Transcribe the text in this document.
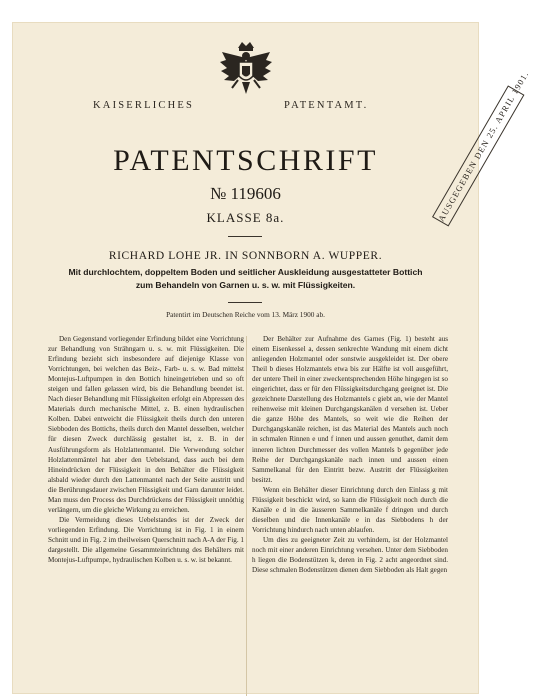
KAISERLICHES	PATENTAMT.	AUSGEGEBEN DEN 25. APRIL 1901.
PATENTSCHRIFT
№ 119606
KLASSE 8a.
RICHARD LOHE JR. IN SONNBORN A. WUPPER.
Mit durchlochtem, doppeltem Boden und seitlicher Auskleidung ausgestatteter Bottich
zum Behandeln von Garnen u. s. w. mit Flüssigkeiten.
Patentirt im Deutschen Reiche vom 13. März 1900 ab.

Den Gegenstand vorliegender Erfindung bildet eine Vorrichtung zur Behandlung von Strähngarn u. s. w. mit Flüssigkeiten. Die Erfindung bezieht sich insbesondere auf diejenige Klasse von Vorrichtungen, bei welchen das Beiz-, Farb- u. s. w. Bad mittelst Montejus-Luftpumpen in den Bottich hineingetrieben und so oft steigen und fallen gelassen wird, bis die Behandlung beendet ist. Nach dieser Behandlung mit Flüssigkeiten erfolgt ein Abpressen des Materials durch mechanische Mittel, z. B. einen hydraulischen Kolben. Dabei entweicht die Flüssigkeit theils durch den unteren Siebboden des Bottichs, theils durch den Mantel desselben, welcher für diesen Zweck durchlässig gestaltet ist, z. B. in der Ausführungsform als Holzlattenmantel. Die Verwendung solcher Holzlattenmäntel hat aber den Uebelstand, dass auch bei dem Hineindrücken der Flüssigkeit in den Behälter die Flüssigkeit alsbald wieder durch den Lattenmantel nach der Seite austritt und die Berührungsdauer zwischen Flüssigkeit und Garn darunter leidet. Man muss den Process des Durchdrückens der Flüssigkeit unnöthig verlängern, um die gleiche Wirkung zu erreichen.

Die Vermeidung dieses Uebelstandes ist der Zweck der vorliegenden Erfindung. Die Vorrichtung ist in Fig. 1 in einem Schnitt und in Fig. 2 im theilweisen Querschnitt nach A-A der Fig. 1 dargestellt. Die allgemeine Gesammteinrichtung des Behälters mit Montejus-Luftpumpe, hydraulischen Kolben u. s. w. ist bekannt.

Der Behälter zur Aufnahme des Garnes (Fig. 1) besteht aus einem Eisenkessel a, dessen senkrechte Wandung mit einem dicht anliegenden Holzmantel oder sonstwie ausgekleidet ist. Der obere Theil b dieses Holzmantels etwa bis zur Hälfte ist voll ausgeführt, der untere Theil in einer zweckentsprechenden Höhe hingegen ist so eingerichtet, dass er für den Flüssigkeitsdurchgang geeignet ist. Die gezeichnete Darstellung des Holzmantels c giebt an, wie der Mantel reihenweise mit kleinen Durchgangskanälen d versehen ist. Ueber die ganze Höhe des Mantels, so weit wie die Reihen der Durchgangskanäle reichen, ist das Material des Mantels auch noch in schmalen Rinnen e und f innen und aussen genuthet, damit dem inneren lichten Durchmesser des vollen Mantels b gegenüber jede Reihe der Durchgangskanäle nach innen und aussen einen Sammelkanal für den Eintritt bezw. Austritt der Flüssigkeiten besitzt.

Wenn ein Behälter dieser Einrichtung durch den Einlass g mit Flüssigkeit beschickt wird, so kann die Flüssigkeit noch durch die Kanäle e d in die äusseren Sammelkanäle f dringen und durch dieselben und die Innenkanäle e in das Siebbodens h der Vorrichtung hindurch nach unten ablaufen.

Um dies zu geeigneter Zeit zu verhindern, ist der Holzmantel noch mit einer anderen Einrichtung versehen. Unter dem Siebboden h liegen die Bodenstützen k, deren in Fig. 2 acht angeordnet sind. Diese schmalen Bodenstützen dienen dem Siebboden als Halt gegen
